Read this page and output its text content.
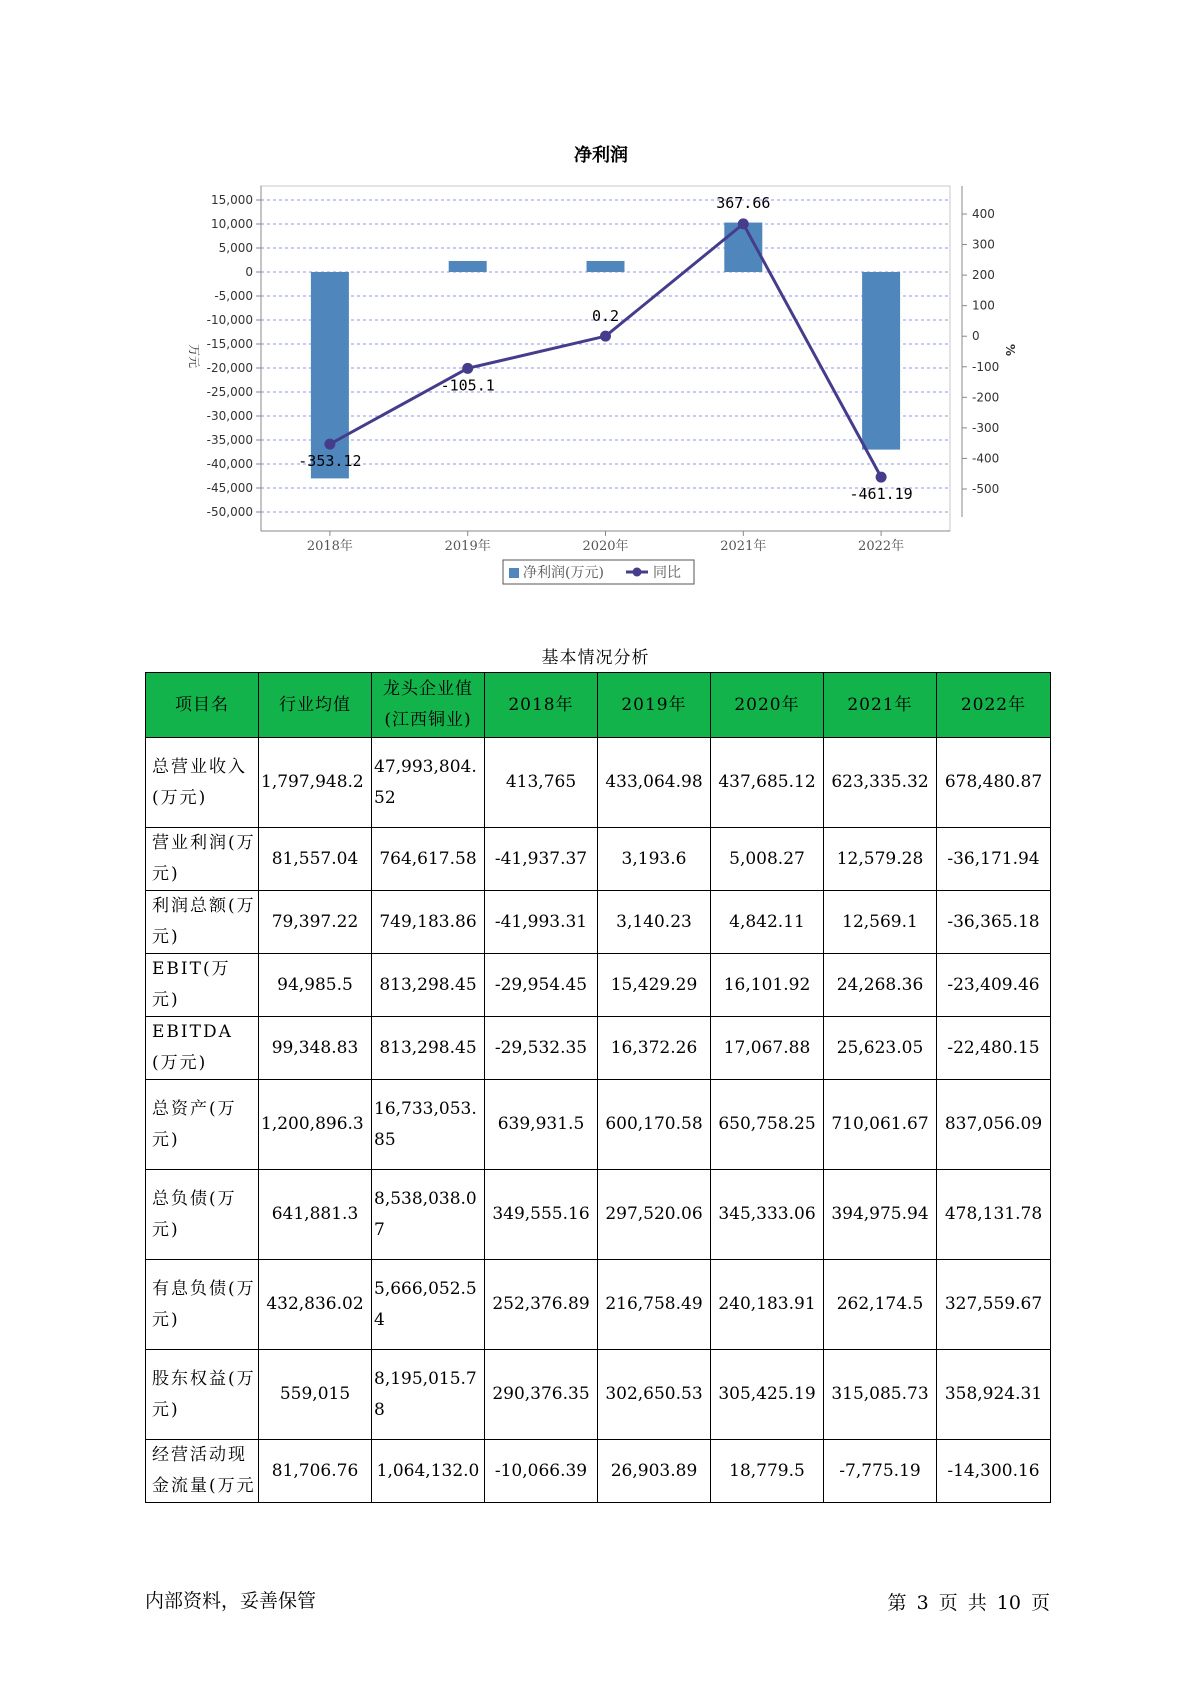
15,000
10,000
5,000
0
-5,000
-10,000
-15,000
-20,000
-25,000
-30,000
-35,000
-40,000
-45,000
-50,000
400
300
200
100
0
-100
-200
-300
-400
-500
万元	%
净利润
2018年	2019年	2020年	2021年	2022年
-353.12
-105.1
0.2
367.66
-461.19
净利润(万元)	同比
基本情况分析
项目名	行业均值	龙头企业值(江西铜业)	2018年	2019年	2020年	2021年	2022年
总营业收入(万元)	1,797,948.2	47,993,804.52	413,765	433,064.98	437,685.12	623,335.32	678,480.87
营业利润(万元)	81,557.04	764,617.58	-41,937.37	3,193.6	5,008.27	12,579.28	-36,171.94
利润总额(万元)	79,397.22	749,183.86	-41,993.31	3,140.23	4,842.11	12,569.1	-36,365.18
EBIT(万元)	94,985.5	813,298.45	-29,954.45	15,429.29	16,101.92	24,268.36	-23,409.46
EBITDA(万元)	99,348.83	813,298.45	-29,532.35	16,372.26	17,067.88	25,623.05	-22,480.15
总资产(万元)	1,200,896.3	16,733,053.85	639,931.5	600,170.58	650,758.25	710,061.67	837,056.09
总负债(万元)	641,881.3	8,538,038.07	349,555.16	297,520.06	345,333.06	394,975.94	478,131.78
有息负债(万元)	432,836.02	5,666,052.54	252,376.89	216,758.49	240,183.91	262,174.5	327,559.67
股东权益(万元)	559,015	8,195,015.78	290,376.35	302,650.53	305,425.19	315,085.73	358,924.31
经营活动现金流量(万元	81,706.76	1,064,132.0	-10,066.39	26,903.89	18,779.5	-7,775.19	-14,300.16
内部资料，妥善保管	第 3 页 共 10 页
